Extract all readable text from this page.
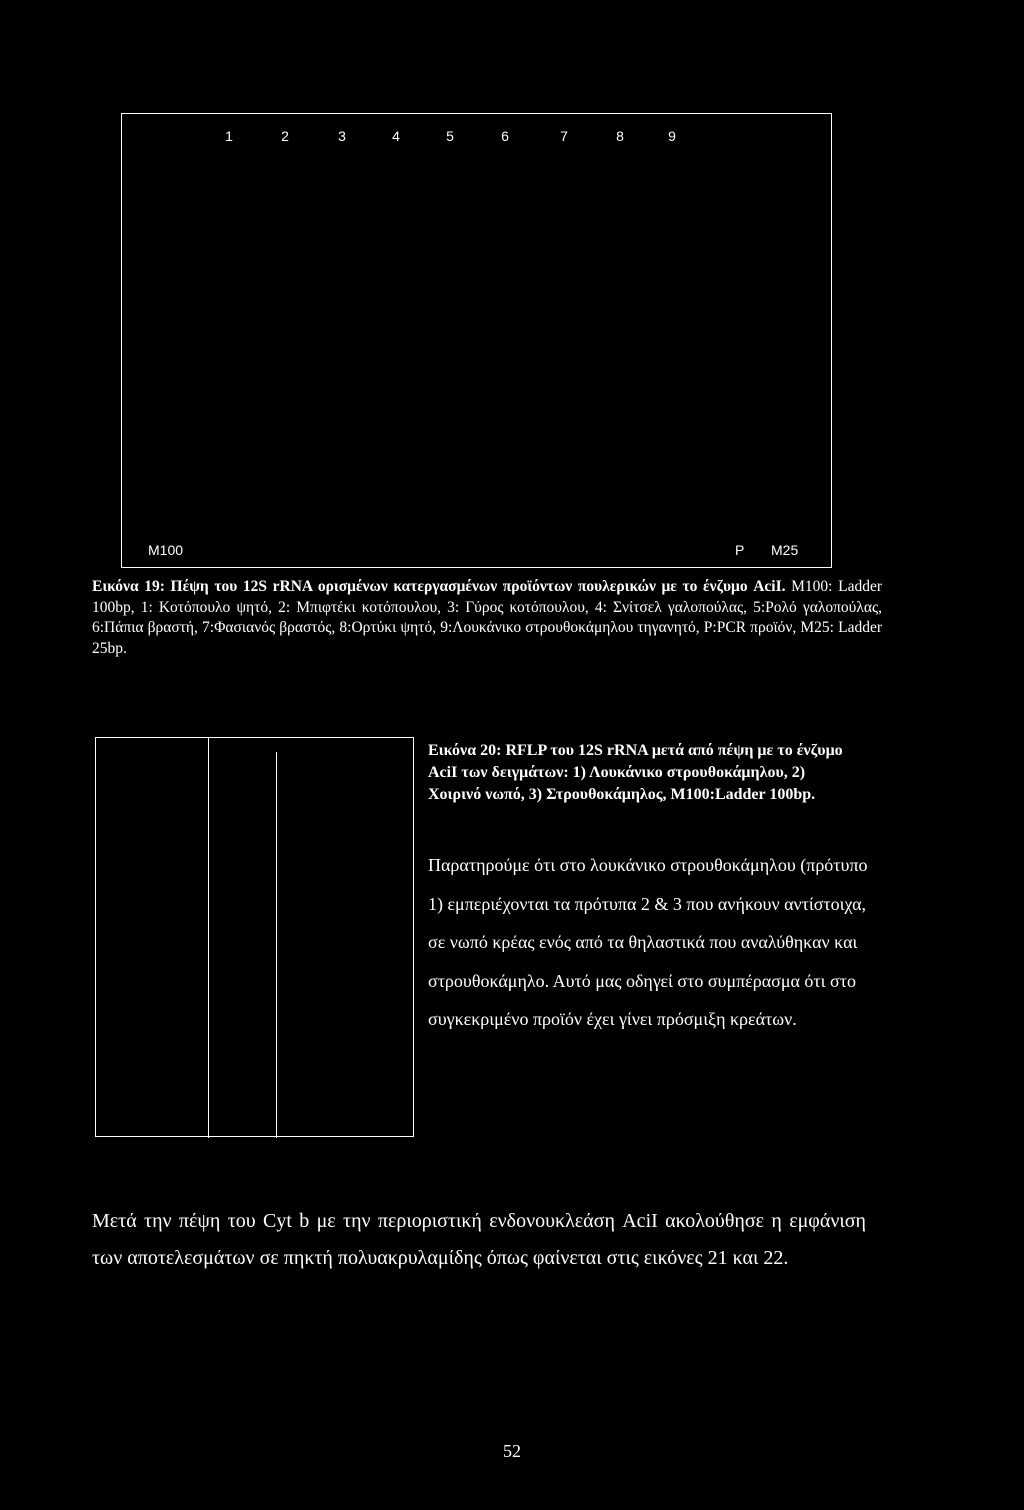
1	2	3	4	5	6	7	8	9
M100	P M25
Εικόνα 19: Πέψη του 12S rRNA ορισμένων κατεργασμένων προϊόντων πουλερικών με το ένζυμο AciI. M100: Ladder 100bp, 1: Κοτόπουλο ψητό, 2: Μπιφτέκι κοτόπουλου, 3: Γύρος κοτόπουλου, 4: Σνίτσελ γαλοπούλας, 5:Ρολό γαλοπούλας, 6:Πάπια βραστή, 7:Φασιανός βραστός, 8:Ορτύκι ψητό, 9:Λουκάνικο στρουθοκάμηλου τηγανητό, P:PCR προϊόν, M25: Ladder 25bp.
Εικόνα 20: RFLP του 12S rRNA μετά από πέψη με το ένζυμο AciI των δειγμάτων: 1) Λουκάνικο στρουθοκάμηλου, 2) Χοιρινό νωπό, 3) Στρουθοκάμηλος, M100:Ladder 100bp.
Παρατηρούμε ότι στο λουκάνικο στρουθοκάμηλου (πρότυπο 1) εμπεριέχονται τα πρότυπα 2 & 3 που ανήκουν αντίστοιχα, σε νωπό κρέας ενός από τα θηλαστικά που αναλύθηκαν και στρουθοκάμηλο. Αυτό μας οδηγεί στο συμπέρασμα ότι στο συγκεκριμένο προϊόν έχει γίνει πρόσμιξη κρεάτων.
Μετά την πέψη του Cyt b με την περιοριστική ενδονουκλεάση AciI ακολούθησε η εμφάνιση των αποτελεσμάτων σε πηκτή πολυακρυλαμίδης όπως φαίνεται στις εικόνες 21 και 22.
52
